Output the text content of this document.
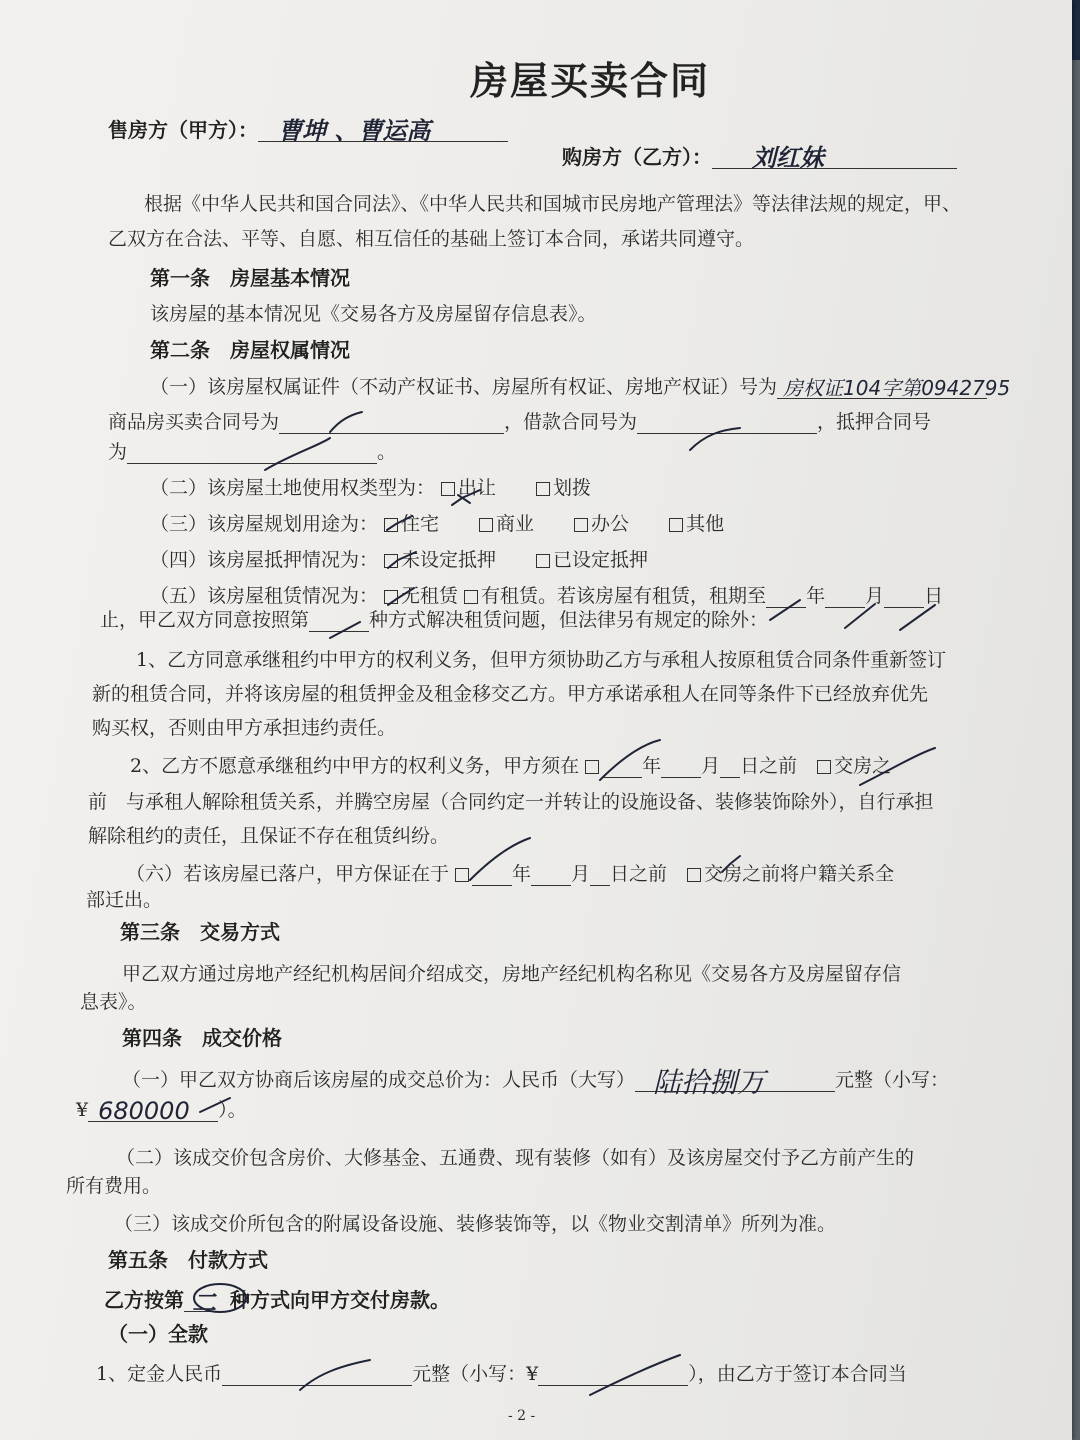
房屋买卖合同
售房方（甲方）： 曹坤 、曹运高
购房方（乙方）： 刘红妹
根据《中华人民共和国合同法》、《中华人民共和国城市民房地产管理法》等法律法规的规定，甲、
乙双方在合法、平等、自愿、相互信任的基础上签订本合同，承诺共同遵守。
第一条　房屋基本情况
该房屋的基本情况见《交易各方及房屋留存信息表》。
第二条　房屋权属情况
（一）该房屋权属证件（不动产权证书、房屋所有权证、房地产权证）号为 房权证104字第0942795
商品房买卖合同号为	，借款合同号为	，抵押合同号
为	。
（二）该房屋土地使用权类型为： 出让	划拨
（三）该房屋规划用途为： 住宅	商业	办公	其他
（四）该房屋抵押情况为： 未设定抵押	已设定抵押
（五）该房屋租赁情况为： 无租赁 有租赁。若该房屋有租赁，租期至 年 月 日
止，甲乙双方同意按照第	种方式解决租赁问题，但法律另有规定的除外：
1、乙方同意承继租约中甲方的权利义务，但甲方须协助乙方与承租人按原租赁合同条件重新签订
新的租赁合同，并将该房屋的租赁押金及租金移交乙方。甲方承诺承租人在同等条件下已经放弃优先
购买权，否则由甲方承担违约责任。
2、乙方不愿意承继租约中甲方的权利义务，甲方须在	年 月 日之前 交房之
前　与承租人解除租赁关系，并腾空房屋（合同约定一并转让的设施设备、装修装饰除外），自行承担
解除租约的责任，且保证不存在租赁纠纷。
（六）若该房屋已落户，甲方保证在于	年 月 日之前 交房之前将户籍关系全
部迁出。
第三条　交易方式
甲乙双方通过房地产经纪机构居间介绍成交，房地产经纪机构名称见《交易各方及房屋留存信
息表》。
第四条　成交价格
（一）甲乙双方协商后该房屋的成交总价为：人民币（大写） 陆拾捌万	元整（小写：
¥ 680000 ）。
（二）该成交价包含房价、大修基金、五通费、现有装修（如有）及该房屋交付予乙方前产生的
所有费用。
（三）该成交价所包含的附属设备设施、装修装饰等，以《物业交割清单》所列为准。
第五条　付款方式
乙方按第 二 种方式向甲方交付房款。
（一）全款
1、定金人民币	元整（小写：¥	），由乙方于签订本合同当
- 2 -
